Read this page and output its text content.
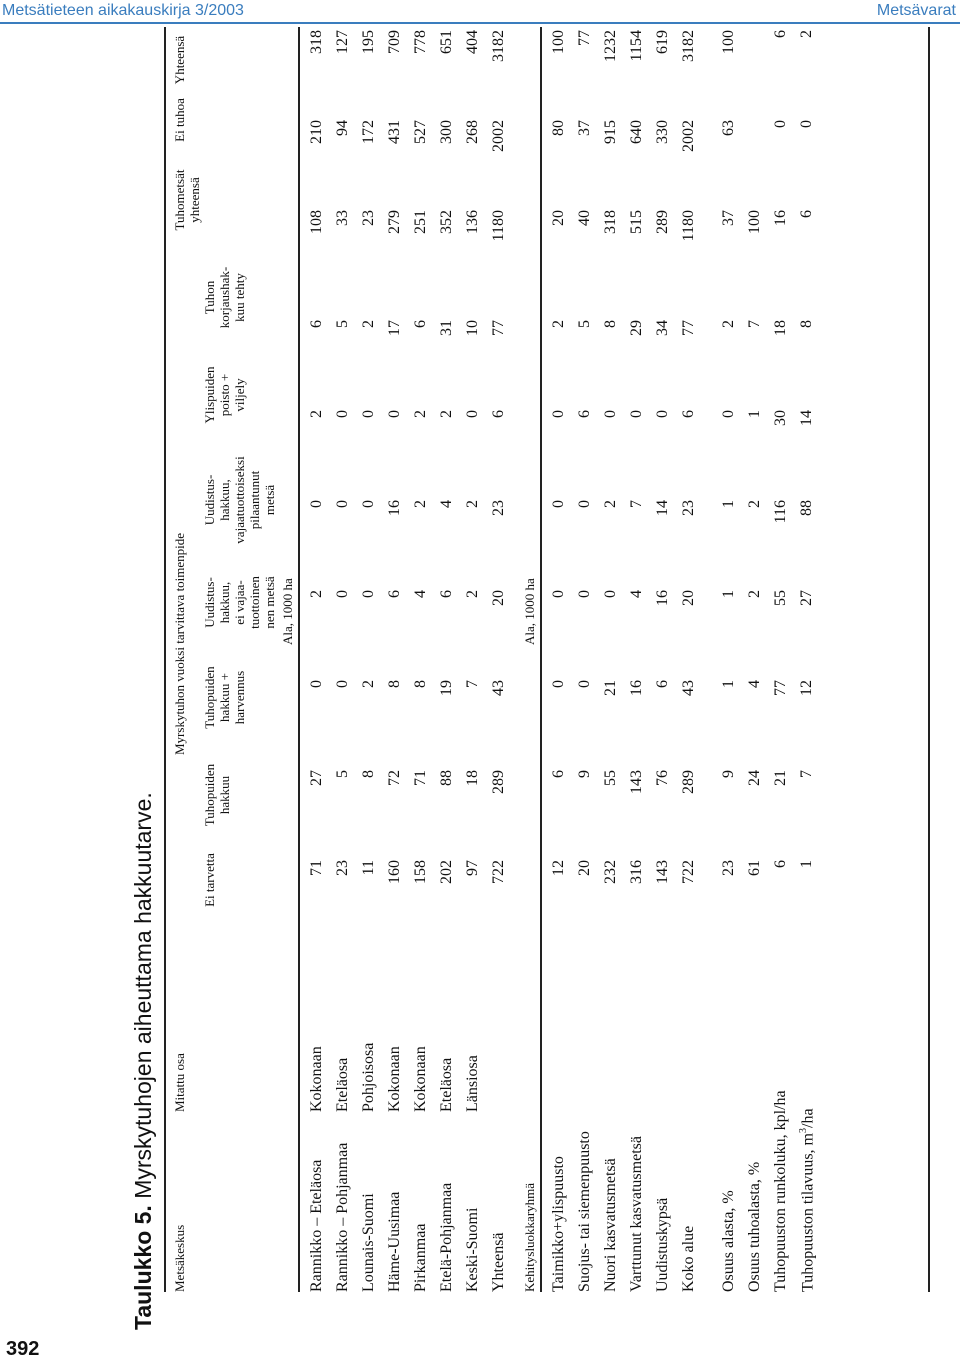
Metsätieteen aikakauskirja 3/2003	Metsävarat
392
Taulukko 5. Myrskytuhojen aiheuttama hakkuutarve.
Metsäkeskus
Mitattu osa
Myrskytuhon vuoksi tarvittava toimenpide
Ei tarvetta
Tuhopuiden
hakkuu
Tuhopuiden
hakkuu +
harvennus
Uudistus-
hakkuu,
ei vajaa-
tuottoinen
nen metsä
Uudistus-
hakkuu,
vajaatuottoiseksi
pilaantunut
metsä
Ylispuiden
poisto +
viljely
Tuhon
korjaushak-
kuu tehty
Tuhometsät
yhteensä
Ei tuhoa
Yhteensä
Ala, 1000 ha
Kehitysluokkaryhmä
Ala, 1000 ha
Rannikko – Eteläosa
Kokonaan
71
27
0
2
0
2
6
108
210
318
Rannikko – Pohjanmaa
Eteläosa
23
5
0
0
0
0
5
33
94
127
Lounais-Suomi
Pohjoisosa
11
8
2
0
0
0
2
23
172
195
Häme-Uusimaa
Kokonaan
160
72
8
6
16
0
17
279
431
709
Pirkanmaa
Kokonaan
158
71
8
4
2
2
6
251
527
778
Etelä-Pohjanmaa
Eteläosa
202
88
19
6
4
2
31
352
300
651
Keski-Suomi
Länsiosa
97
18
7
2
2
0
10
136
268
404
Yhteensä
722
289
43
20
23
6
77
1180
2002
3182
Taimikko+ylispuusto
12
6
0
0
0
0
2
20
80
100
Suojus- tai siemenpuusto
20
9
0
0
0
6
5
40
37
77
Nuori kasvatusmetsä
232
55
21
0
2
0
8
318
915
1232
Varttunut kasvatusmetsä
316
143
16
4
7
0
29
515
640
1154
Uudistuskypsä
143
76
6
16
14
0
34
289
330
619
Koko alue
722
289
43
20
23
6
77
1180
2002
3182
Osuus alasta, %
23
9
1
1
1
0
2
37
63
100
Osuus tuhoalasta, %
61
24
4
2
2
1
7
100
Tuhopuuston runkoluku, kpl/ha
6
21
77
55
116
30
18
16
0
6
Tuhopuuston tilavuus, $m^3/ha$
1
7
12
27
88
14
8
6
0
2
